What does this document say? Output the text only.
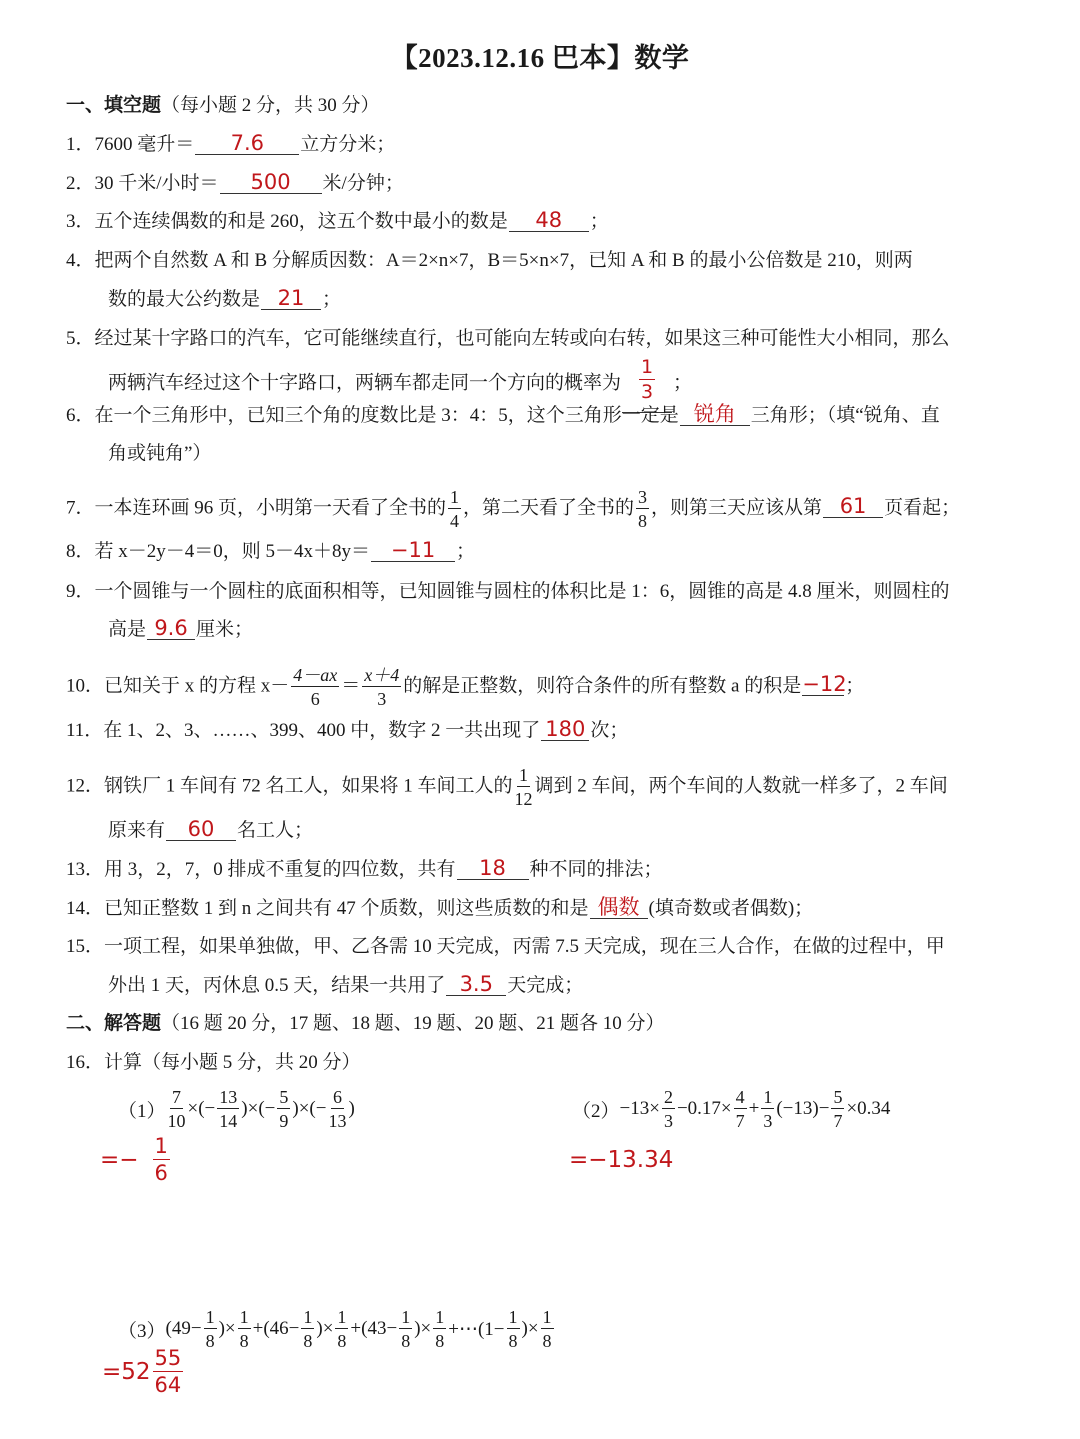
【2023.12.16 巴本】数学
一、填空题（每小题 2 分，共 30 分）
1．7600 毫升＝ 7.6 立方分米；
2．30 千米/小时＝ 500 米/分钟；
3．五个连续偶数的和是 260，这五个数中最小的数是 48 ；
4．把两个自然数 A 和 B 分解质因数：A＝2×n×7，B＝5×n×7，已知 A 和 B 的最小公倍数是 210，则两
数的最大公约数是 21 ；
5．经过某十字路口的汽车，它可能继续直行，也可能向左转或向右转，如果这三种可能性大小相同，那么
两辆汽车经过这个十字路口，两辆车都走同一个方向的概率为 $\frac{1}{3}$ ；
6．在一个三角形中，已知三个角的度数比是 3：4：5，这个三角形一定是 锐角 三角形；（填“锐角、直
角或钝角”）
7．一本连环画 96 页，小明第一天看了全书的 $\frac{1}{4}$ ，第二天看了全书的 $\frac{3}{8}$ ，则第三天应该从第 61 页看起；
8．若 x－2y－4＝0，则 5－4x＋8y＝ −11 ；
9．一个圆锥与一个圆柱的底面积相等，已知圆锥与圆柱的体积比是 1：6，圆锥的高是 4.8 厘米，则圆柱的
高是 9.6 厘米；
10．已知关于 x 的方程 $x- \frac{4-ax}{6} = \frac{x+4}{3}$ 的解是正整数，则符合条件的所有整数 a 的积是−12；
11．在 1、2、3、……、399、400 中，数字 2 一共出现了 180 次；
12．钢铁厂 1 车间有 72 名工人，如果将 1 车间工人的 $\frac{1}{12}$ 调到 2 车间，两个车间的人数就一样多了，2 车间
原来有 60 名工人；
13．用 3，2，7，0 排成不重复的四位数，共有 18 种不同的排法；
14．已知正整数 1 到 n 之间共有 47 个质数，则这些质数的和是 偶数 (填奇数或者偶数)；
15．一项工程，如果单独做，甲、乙各需 10 天完成，丙需 7.5 天完成，现在三人合作，在做的过程中，甲
外出 1 天，丙休息 0.5 天，结果一共用了 3.5 天完成；
二、解答题（16 题 20 分，17 题、18 题、19 题、20 题、21 题各 10 分）
16．计算（每小题 5 分，共 20 分）
$(1) \frac{7}{10}$ ×(− $\frac{13}{14}$ )×(− $\frac{5}{9}$ )×(− $\frac{6}{13}$ )
=− $\frac{1}{6}$
$(2) -13\times \frac{2}{3} -0.17\times \frac{4}{7} + \frac{1}{3} (-13)- \frac{5}{7} \times 0.34$
=−13.34
（3） ($49- \frac{1}{8}$ )× $\frac{1}{8} +(46- \frac{1}{8}$ )× $\frac{1}{8} +(43- \frac{1}{8}$ )× $\frac{1}{8}$ +⋯(1− $\frac{1}{8}$ )× $\frac{1}{8}$
$=52 \frac{55}{64}$
